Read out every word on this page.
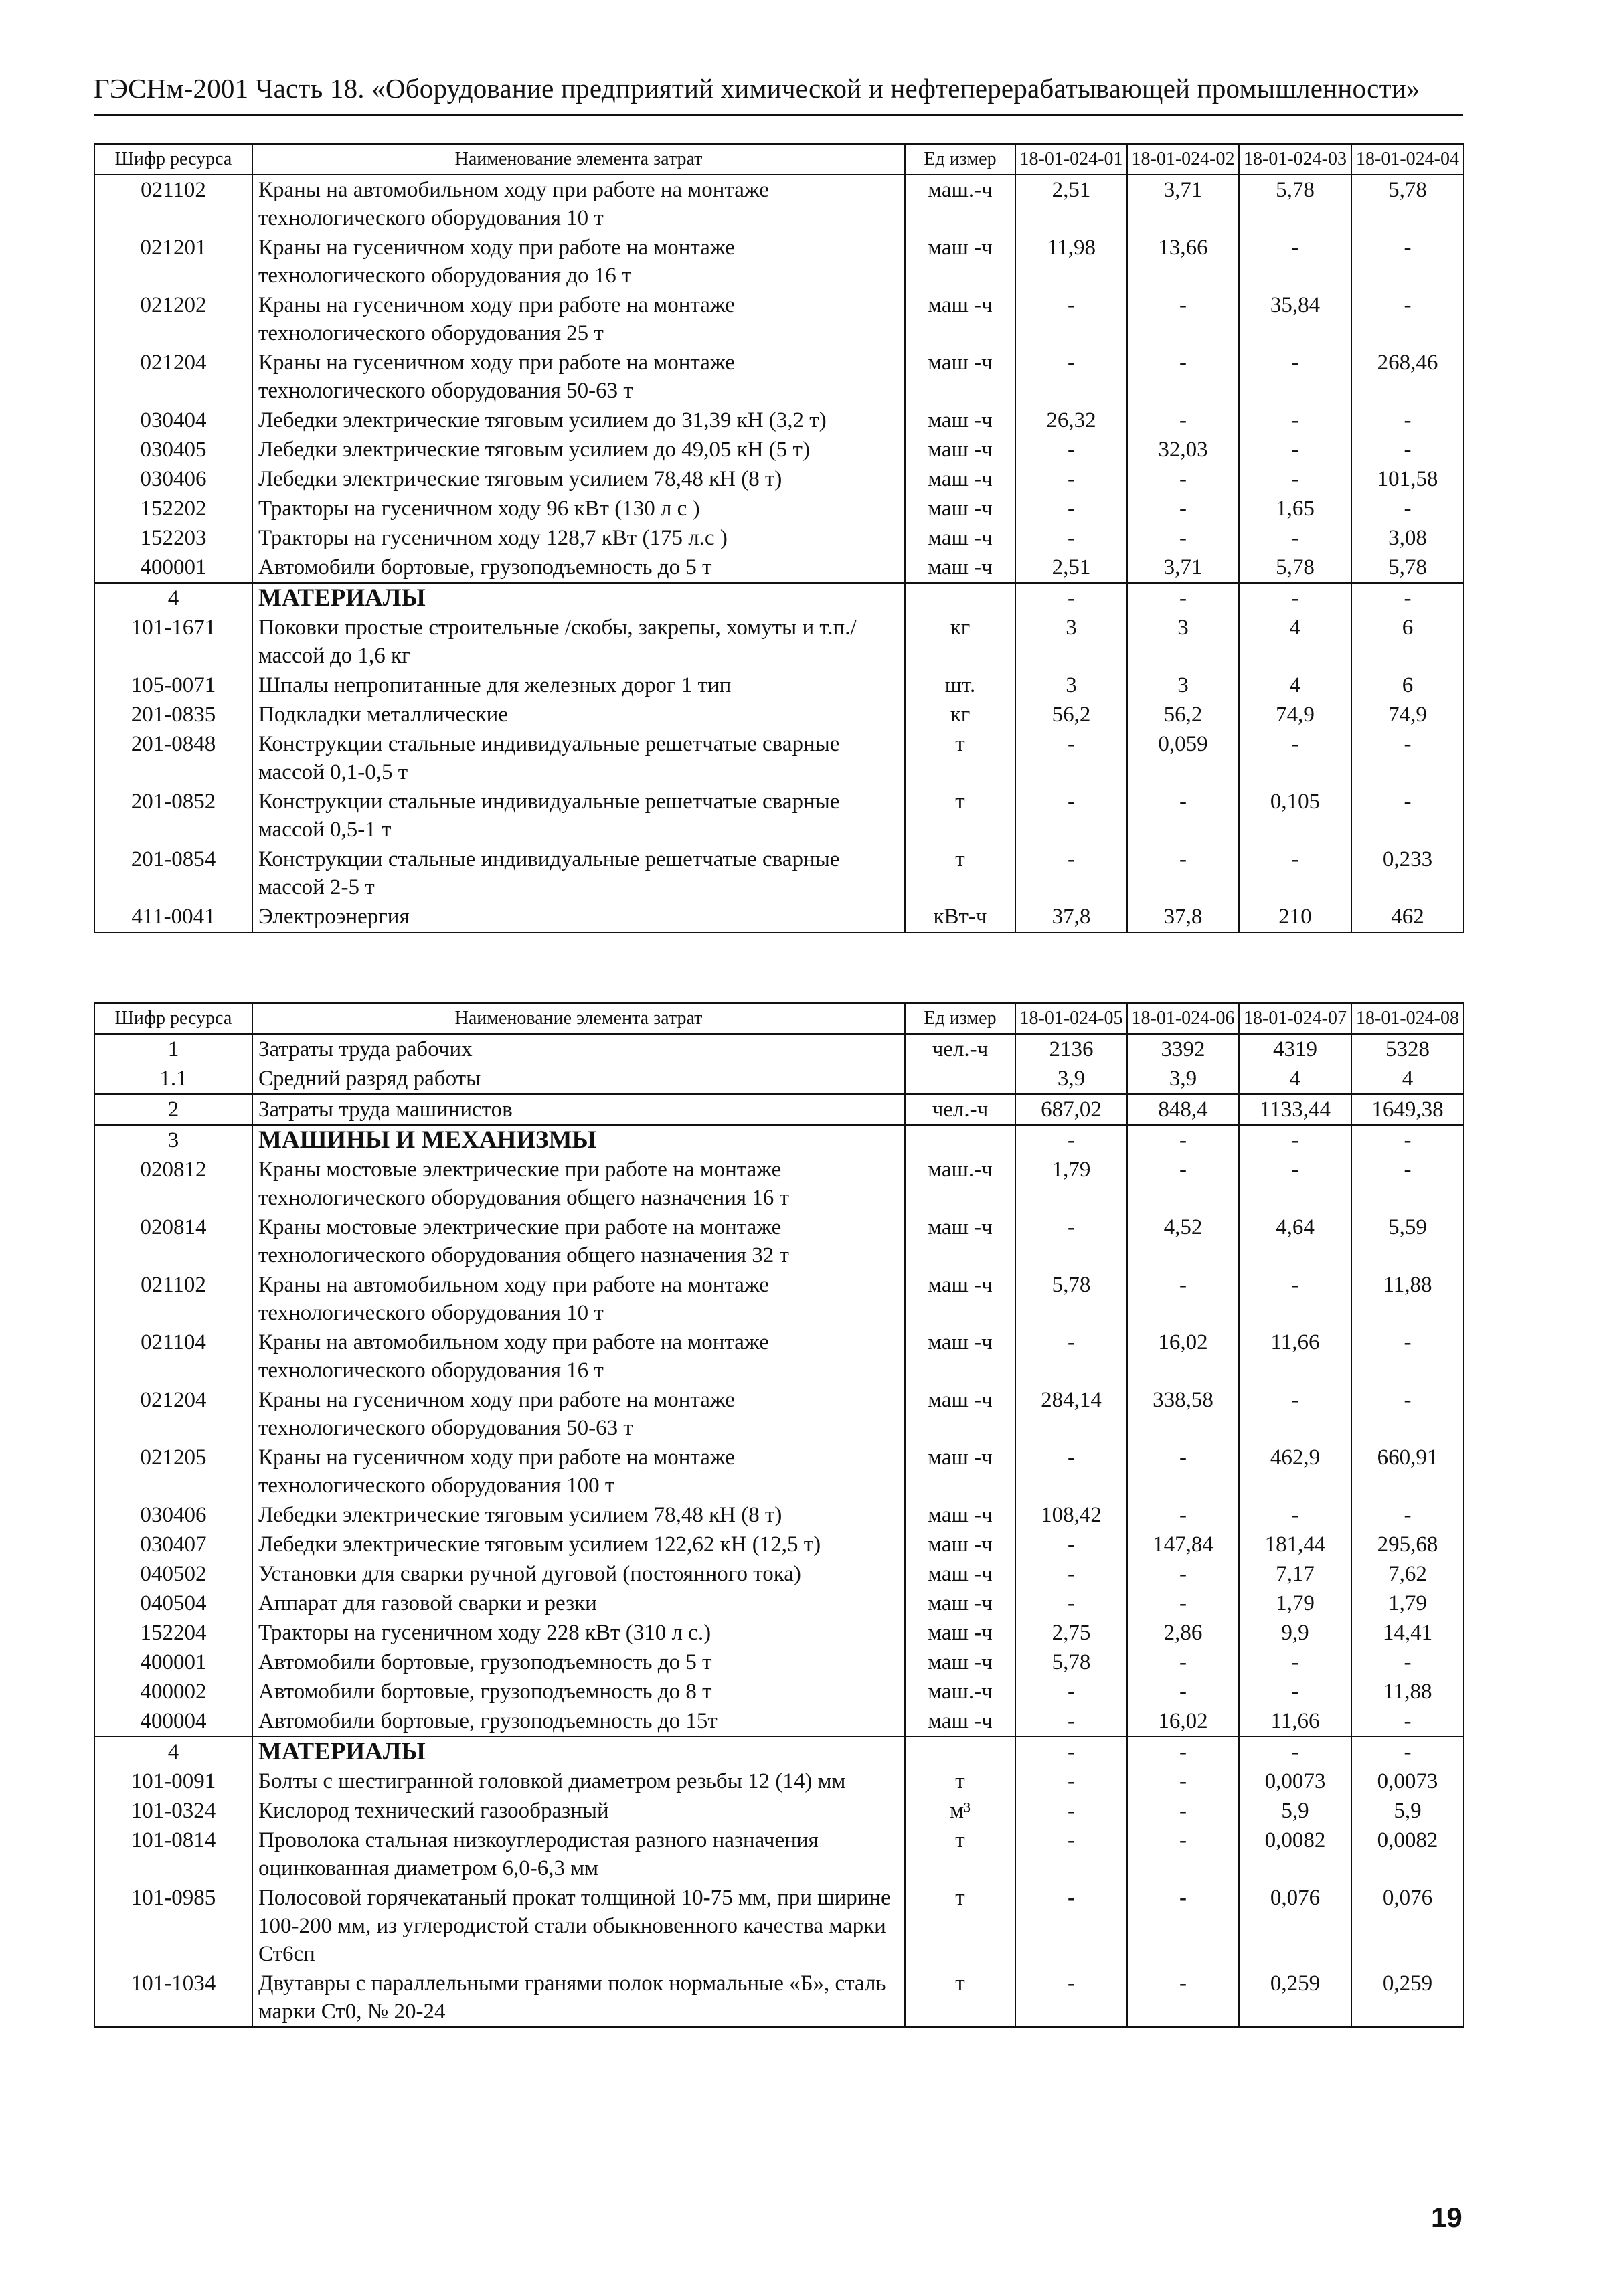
ГЭСНм-2001 Часть 18. «Оборудование предприятий химической и нефтеперерабатывающей промышленности»
Шифр ресурса	Наименование элемента затрат	Ед измер	18-01-024-01	18-01-024-02	18-01-024-03	18-01-024-04
021102	Краны на автомобильном ходу при работе на монтаже технологического оборудования 10 т	маш.-ч	2,51	3,71	5,78	5,78
021201	Краны на гусеничном ходу при работе на монтаже технологического оборудования до 16 т	маш -ч	11,98	13,66	-	-
021202	Краны на гусеничном ходу при работе на монтаже технологического оборудования 25 т	маш -ч	-	-	35,84	-
021204	Краны на гусеничном ходу при работе на монтаже технологического оборудования 50-63 т	маш -ч	-	-	-	268,46
030404	Лебедки электрические тяговым усилием до 31,39 кН (3,2 т)	маш -ч	26,32	-	-	-
030405	Лебедки электрические тяговым усилием до 49,05 кН (5 т)	маш -ч	-	32,03	-	-
030406	Лебедки электрические тяговым усилием 78,48 кН (8 т)	маш -ч	-	-	-	101,58
152202	Тракторы на гусеничном ходу 96 кВт (130 л с )	маш -ч	-	-	1,65	-
152203	Тракторы на гусеничном ходу 128,7 кВт (175 л.с )	маш -ч	-	-	-	3,08
400001	Автомобили бортовые, грузоподъемность до 5 т	маш -ч	2,51	3,71	5,78	5,78
4	МАТЕРИАЛЫ		-	-	-	-
101-1671	Поковки простые строительные /скобы, закрепы, хомуты и т.п./ массой до 1,6 кг	кг	3	3	4	6
105-0071	Шпалы непропитанные для железных дорог 1 тип	шт.	3	3	4	6
201-0835	Подкладки металлические	кг	56,2	56,2	74,9	74,9
201-0848	Конструкции стальные индивидуальные решетчатые сварные массой 0,1-0,5 т	т	-	0,059	-	-
201-0852	Конструкции стальные индивидуальные решетчатые сварные массой 0,5-1 т	т	-	-	0,105	-
201-0854	Конструкции стальные индивидуальные решетчатые сварные массой 2-5 т	т	-	-	-	0,233
411-0041	Электроэнергия	кВт-ч	37,8	37,8	210	462
Шифр ресурса	Наименование элемента затрат	Ед измер	18-01-024-05	18-01-024-06	18-01-024-07	18-01-024-08
1	Затраты труда рабочих	чел.-ч	2136	3392	4319	5328
1.1	Средний разряд работы		3,9	3,9	4	4
2	Затраты труда машинистов	чел.-ч	687,02	848,4	1133,44	1649,38
3	МАШИНЫ И МЕХАНИЗМЫ		-	-	-	-
020812	Краны мостовые электрические при работе на монтаже технологического оборудования общего назначения 16 т	маш.-ч	1,79	-	-	-
020814	Краны мостовые электрические при работе на монтаже технологического оборудования общего назначения 32 т	маш -ч	-	4,52	4,64	5,59
021102	Краны на автомобильном ходу при работе на монтаже технологического оборудования 10 т	маш -ч	5,78	-	-	11,88
021104	Краны на автомобильном ходу при работе на монтаже технологического оборудования 16 т	маш -ч	-	16,02	11,66	-
021204	Краны на гусеничном ходу при работе на монтаже технологического оборудования 50-63 т	маш -ч	284,14	338,58	-	-
021205	Краны на гусеничном ходу при работе на монтаже технологического оборудования 100 т	маш -ч	-	-	462,9	660,91
030406	Лебедки электрические тяговым усилием 78,48 кН (8 т)	маш -ч	108,42	-	-	-
030407	Лебедки электрические тяговым усилием 122,62 кН (12,5 т)	маш -ч	-	147,84	181,44	295,68
040502	Установки для сварки ручной дуговой (постоянного тока)	маш -ч	-	-	7,17	7,62
040504	Аппарат для газовой сварки и резки	маш -ч	-	-	1,79	1,79
152204	Тракторы на гусеничном ходу 228 кВт (310 л с.)	маш -ч	2,75	2,86	9,9	14,41
400001	Автомобили бортовые, грузоподъемность до 5 т	маш -ч	5,78	-	-	-
400002	Автомобили бортовые, грузоподъемность до 8 т	маш.-ч	-	-	-	11,88
400004	Автомобили бортовые, грузоподъемность до 15т	маш -ч	-	16,02	11,66	-
4	МАТЕРИАЛЫ		-	-	-	-
101-0091	Болты с шестигранной головкой диаметром резьбы 12 (14) мм	т	-	-	0,0073	0,0073
101-0324	Кислород технический газообразный	м³	-	-	5,9	5,9
101-0814	Проволока стальная низкоуглеродистая разного назначения оцинкованная диаметром 6,0-6,3 мм	т	-	-	0,0082	0,0082
101-0985	Полосовой горячекатаный прокат толщиной 10-75 мм, при ширине 100-200 мм, из углеродистой стали обыкновенного качества марки Ст6сп	т	-	-	0,076	0,076
101-1034	Двутавры с параллельными гранями полок нормальные «Б», сталь марки Ст0, № 20-24	т	-	-	0,259	0,259
19
